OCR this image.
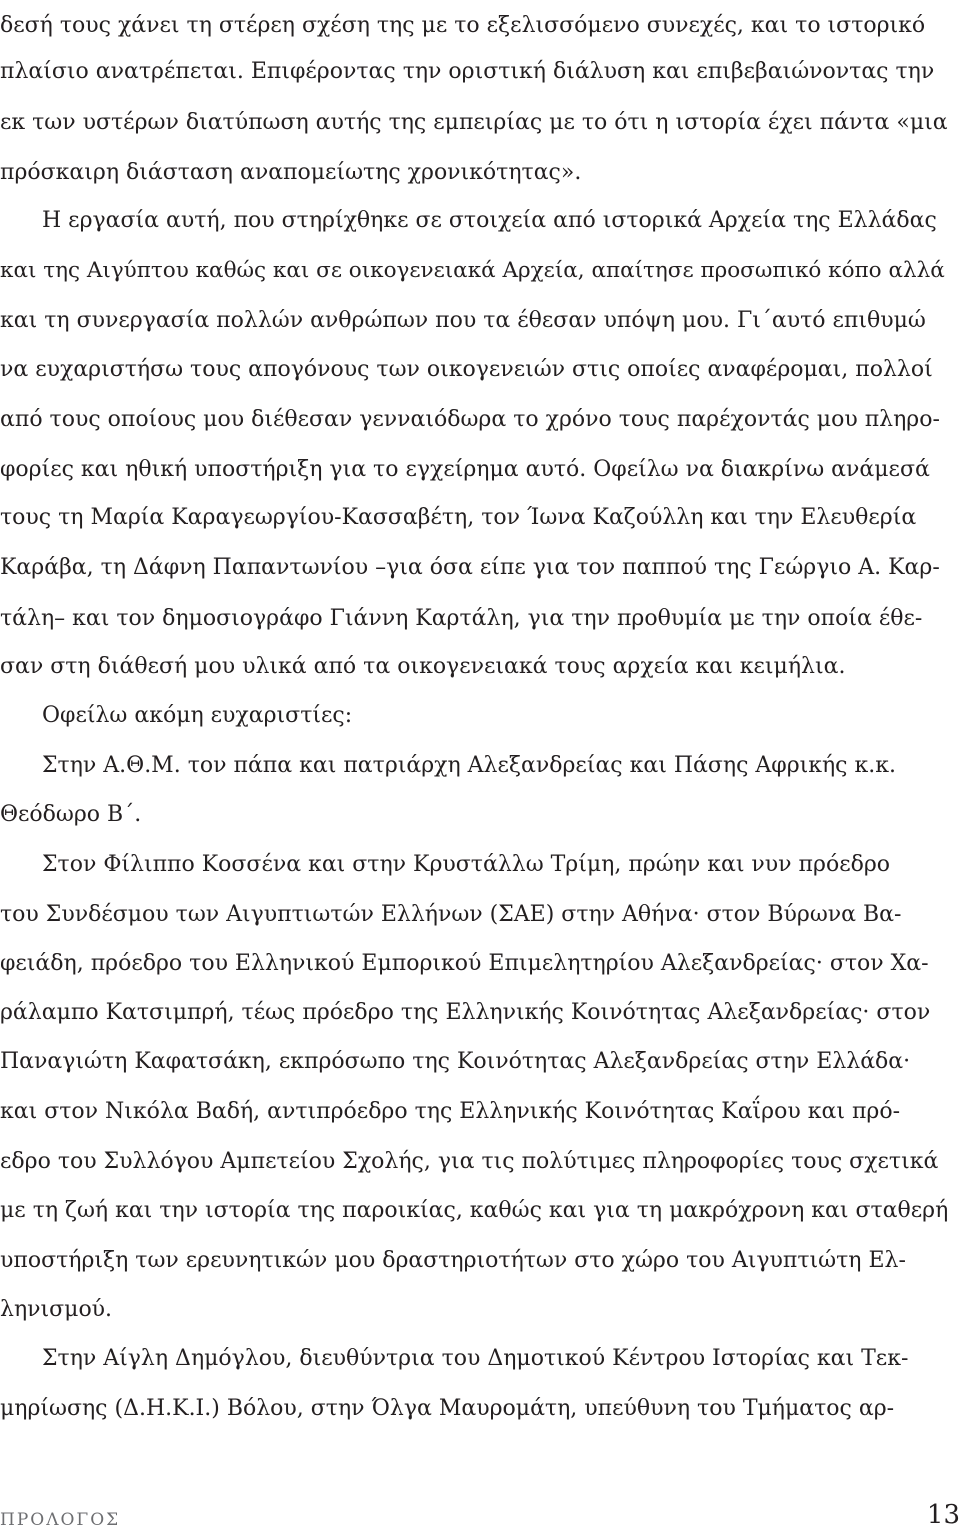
δεσή τους χάνει τη στέρεη σχέση της με το εξελισσόμενο συνεχές, και το ιστορικό
πλαίσιο ανατρέπεται. Επιφέροντας την οριστική διάλυση και επιβεβαιώνοντας την
εκ των υστέρων διατύπωση αυτής της εμπειρίας με το ότι η ιστορία έχει πάντα «μια
πρόσκαιρη διάσταση αναπομείωτης χρονικότητας».
Η εργασία αυτή, που στηρίχθηκε σε στοιχεία από ιστορικά Αρχεία της Ελλάδας
και της Αιγύπτου καθώς και σε οικογενειακά Αρχεία, απαίτησε προσωπικό κόπο αλλά
και τη συνεργασία πολλών ανθρώπων που τα έθεσαν υπόψη μου. Γι΄αυτό επιθυμώ
να ευχαριστήσω τους απογόνους των οικογενειών στις οποίες αναφέρομαι, πολλοί
από τους οποίους μου διέθεσαν γενναιόδωρα το χρόνο τους παρέχοντάς μου πληρο-
φορίες και ηθική υποστήριξη για το εγχείρημα αυτό. Οφείλω να διακρίνω ανάμεσά
τους τη Μαρία Καραγεωργίου-Κασσαβέτη, τον Ίωνα Καζούλλη και την Ελευθερία
Καράβα, τη Δάφνη Παπαντωνίου –για όσα είπε για τον παππού της Γεώργιο Α. Καρ-
τάλη– και τον δημοσιογράφο Γιάννη Καρτάλη, για την προθυμία με την οποία έθε-
σαν στη διάθεσή μου υλικά από τα οικογενειακά τους αρχεία και κειμήλια.
Οφείλω ακόμη ευχαριστίες:
Στην Α.Θ.Μ. τον πάπα και πατριάρχη Αλεξανδρείας και Πάσης Αφρικής κ.κ.
Θεόδωρο Β΄.
Στον Φίλιππο Κοσσένα και στην Κρυστάλλω Τρίμη, πρώην και νυν πρόεδρο
του Συνδέσμου των Αιγυπτιωτών Ελλήνων (ΣΑΕ) στην Αθήνα· στον Βύρωνα Βα-
φειάδη, πρόεδρο του Ελληνικού Εμπορικού Επιμελητηρίου Αλεξανδρείας· στον Χα-
ράλαμπο Κατσιμπρή, τέως πρόεδρο της Ελληνικής Κοινότητας Αλεξανδρείας· στον
Παναγιώτη Καφατσάκη, εκπρόσωπο της Κοινότητας Αλεξανδρείας στην Ελλάδα·
και στον Νικόλα Βαδή, αντιπρόεδρο της Ελληνικής Κοινότητας Καΐρου και πρό-
εδρο του Συλλόγου Αμπετείου Σχολής, για τις πολύτιμες πληροφορίες τους σχετικά
με τη ζωή και την ιστορία της παροικίας, καθώς και για τη μακρόχρονη και σταθερή
υποστήριξη των ερευνητικών μου δραστηριοτήτων στο χώρο του Αιγυπτιώτη Ελ-
ληνισμού.
Στην Αίγλη Δημόγλου, διευθύντρια του Δημοτικού Κέντρου Ιστορίας και Τεκ-
μηρίωσης (Δ.Η.Κ.Ι.) Βόλου, στην Όλγα Μαυρομάτη, υπεύθυνη του Τμήματος αρ-
ΠΡΟΛΟΓΟΣ	13
